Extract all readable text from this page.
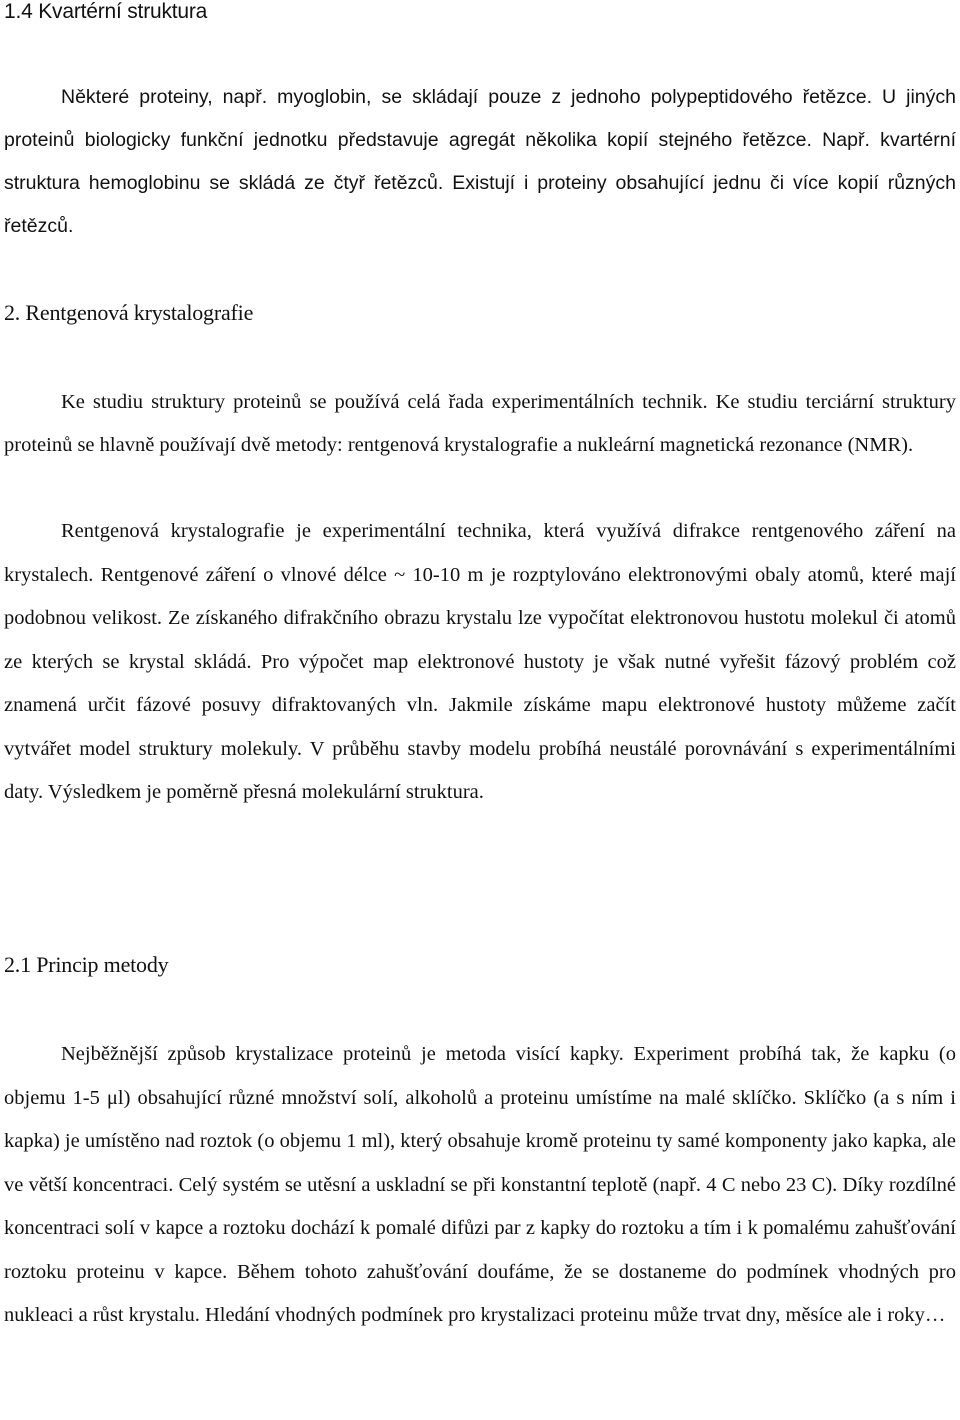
1.4 Kvartérní struktura

Některé proteiny, např. myoglobin, se skládají pouze z jednoho polypeptidového řetězce. U jiných proteinů biologicky funkční jednotku představuje agregát několika kopií stejného řetězce. Např. kvartérní struktura hemoglobinu se skládá ze čtyř řetězců. Existují i proteiny obsahující jednu či více kopií různých řetězců.

2. Rentgenová krystalografie

Ke studiu struktury proteinů se používá celá řada experimentálních technik. Ke studiu terciární struktury proteinů se hlavně používají dvě metody: rentgenová krystalografie a nukleární magnetická rezonance (NMR).

Rentgenová krystalografie je experimentální technika, která využívá difrakce rentgenového záření na krystalech. Rentgenové záření o vlnové délce ~ 10-10 m je rozptylováno elektronovými obaly atomů, které mají podobnou velikost. Ze získaného difrakčního obrazu krystalu lze vypočítat elektronovou hustotu molekul či atomů ze kterých se krystal skládá. Pro výpočet map elektronové hustoty je však nutné vyřešit fázový problém což znamená určit fázové posuvy difraktovaných vln. Jakmile získáme mapu elektronové hustoty můžeme začít vytvářet model struktury molekuly. V průběhu stavby modelu probíhá neustálé porovnávání s experimentálními daty. Výsledkem je poměrně přesná molekulární struktura.

2.1 Princip metody

Nejběžnější způsob krystalizace proteinů je metoda visící kapky. Experiment probíhá tak, že kapku (o objemu 1-5 μl) obsahující různé množství solí, alkoholů a proteinu umístíme na malé sklíčko. Sklíčko (a s ním i kapka) je umístěno nad roztok (o objemu 1 ml), který obsahuje kromě proteinu ty samé komponenty jako kapka, ale ve větší koncentraci. Celý systém se utěsní a uskladní se při konstantní teplotě (např. 4 C nebo 23 C). Díky rozdílné koncentraci solí v kapce a roztoku dochází k pomalé difůzi par z kapky do roztoku a tím i k pomalému zahušťování roztoku proteinu v kapce. Během tohoto zahušťování doufáme, že se dostaneme do podmínek vhodných pro nukleaci a růst krystalu. Hledání vhodných podmínek pro krystalizaci proteinu může trvat dny, měsíce ale i roky…
